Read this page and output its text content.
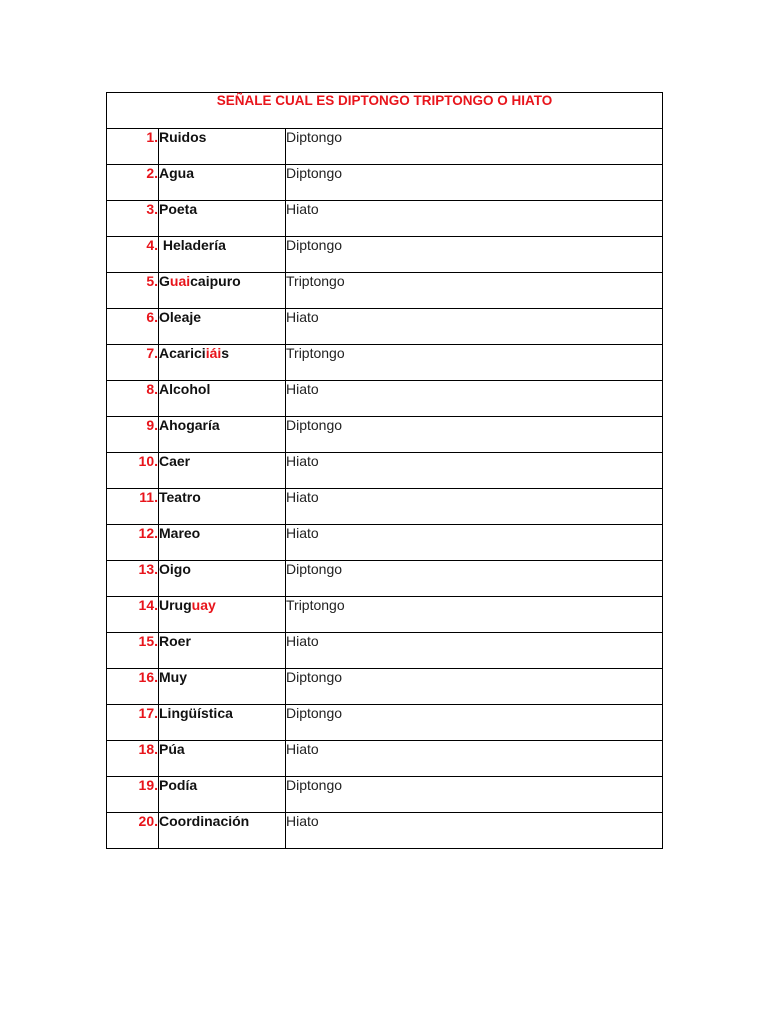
SEÑALE CUAL ES DIPTONGO TRIPTONGO O HIATO		
1.	Ruidos	Diptongo
2.	Agua	Diptongo
3.	Poeta	Hiato
4.	Heladería	Diptongo
5.	Guaicaipuro	Triptongo
6.	Oleaje	Hiato
7.	Acariciiáis	Triptongo
8.	Alcohol	Hiato
9.	Ahogaría	Diptongo
10.	Caer	Hiato
11.	Teatro	Hiato
12.	Mareo	Hiato
13.	Oigo	Diptongo
14.	Uruguay	Triptongo
15.	Roer	Hiato
16.	Muy	Diptongo
17.	Lingüística	Diptongo
18.	Púa	Hiato
19.	Podía	Diptongo
20.	Coordinación	Hiato
